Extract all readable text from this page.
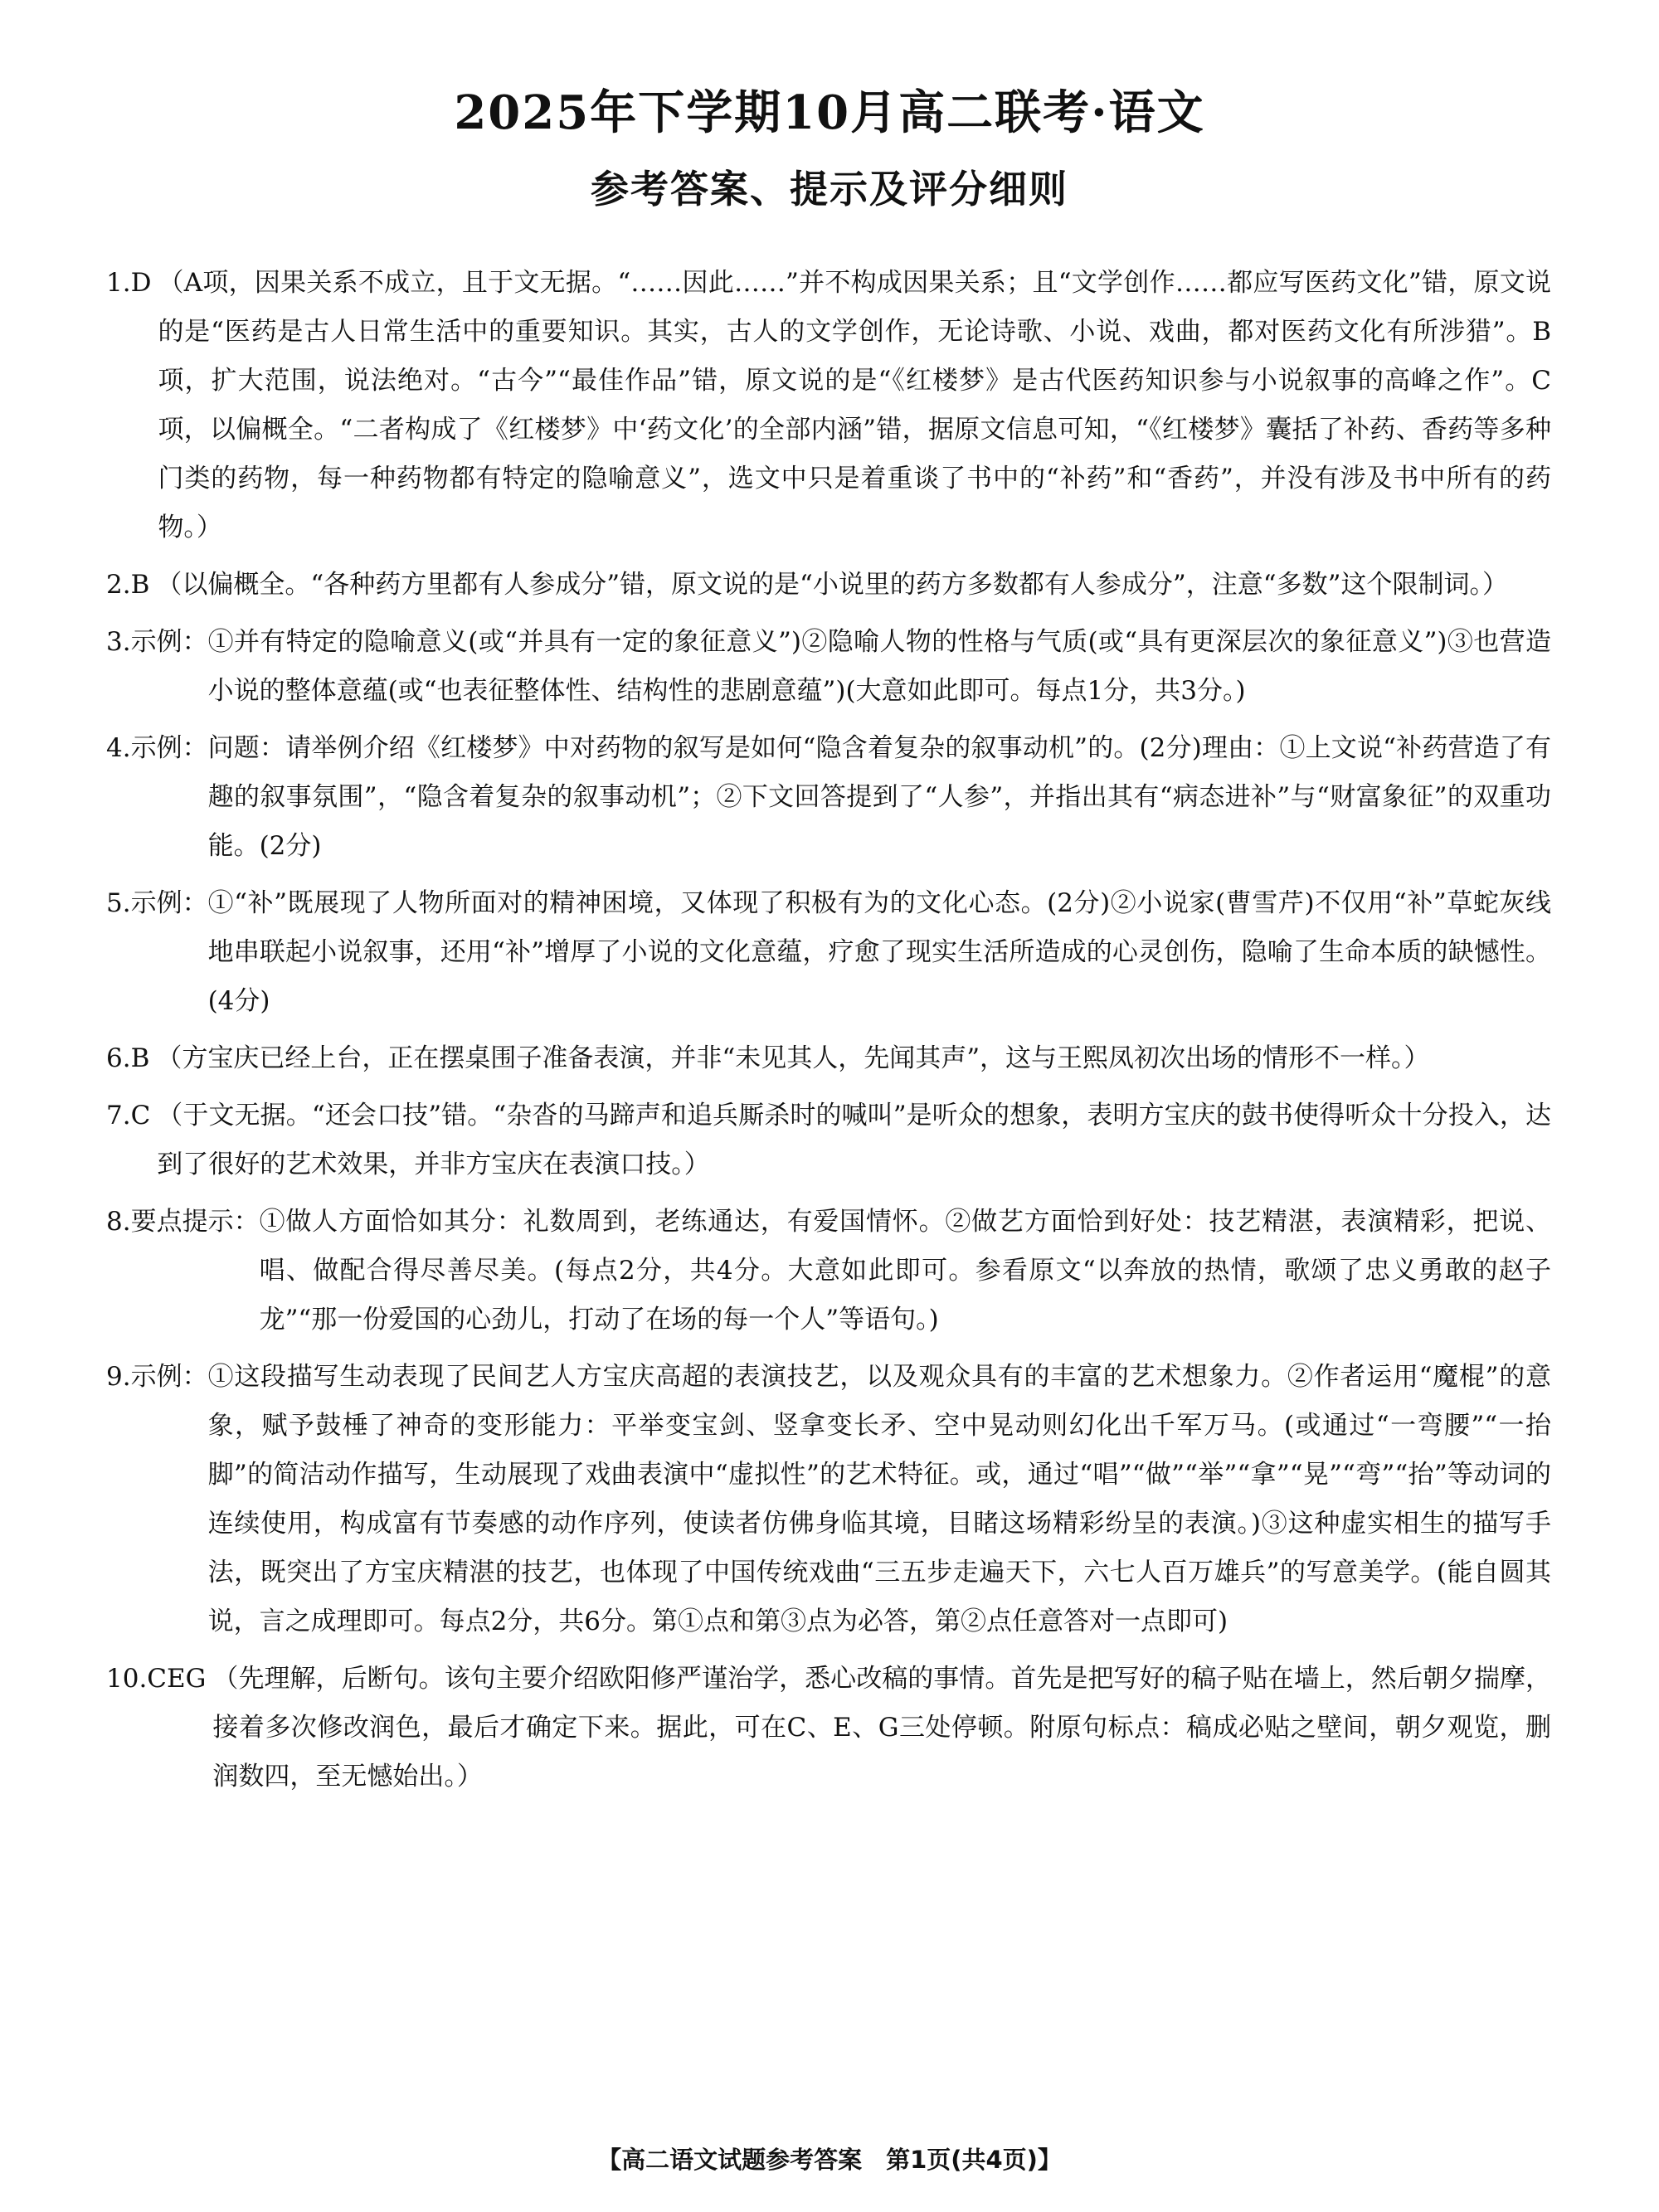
2025年下学期10月高二联考·语文
参考答案、提示及评分细则
1.D （A项，因果关系不成立，且于文无据。“……因此……”并不构成因果关系；且“文学创作……都应写医药文化”错，原文说的是“医药是古人日常生活中的重要知识。其实，古人的文学创作，无论诗歌、小说、戏曲，都对医药文化有所涉猎”。B项，扩大范围，说法绝对。“古今”“最佳作品”错，原文说的是“《红楼梦》是古代医药知识参与小说叙事的高峰之作”。C项，以偏概全。“二者构成了《红楼梦》中‘药文化’的全部内涵”错，据原文信息可知，“《红楼梦》囊括了补药、香药等多种门类的药物，每一种药物都有特定的隐喻意义”，选文中只是着重谈了书中的“补药”和“香药”，并没有涉及书中所有的药物。）
2.B （以偏概全。“各种药方里都有人参成分”错，原文说的是“小说里的药方多数都有人参成分”，注意“多数”这个限制词。）
3.示例： ①并有特定的隐喻意义(或“并具有一定的象征意义”)②隐喻人物的性格与气质(或“具有更深层次的象征意义”)③也营造小说的整体意蕴(或“也表征整体性、结构性的悲剧意蕴”)(大意如此即可。每点1分，共3分。)
4.示例： 问题：请举例介绍《红楼梦》中对药物的叙写是如何“隐含着复杂的叙事动机”的。(2分)理由：①上文说“补药营造了有趣的叙事氛围”，“隐含着复杂的叙事动机”；②下文回答提到了“人参”，并指出其有“病态进补”与“财富象征”的双重功能。(2分)
5.示例： ①“补”既展现了人物所面对的精神困境，又体现了积极有为的文化心态。(2分)②小说家(曹雪芹)不仅用“补”草蛇灰线地串联起小说叙事，还用“补”增厚了小说的文化意蕴，疗愈了现实生活所造成的心灵创伤，隐喻了生命本质的缺憾性。(4分)
6.B （方宝庆已经上台，正在摆桌围子准备表演，并非“未见其人，先闻其声”，这与王熙凤初次出场的情形不一样。）
7.C （于文无据。“还会口技”错。“杂沓的马蹄声和追兵厮杀时的喊叫”是听众的想象，表明方宝庆的鼓书使得听众十分投入，达到了很好的艺术效果，并非方宝庆在表演口技。）
8.要点提示： ①做人方面恰如其分：礼数周到，老练通达，有爱国情怀。②做艺方面恰到好处：技艺精湛，表演精彩，把说、唱、做配合得尽善尽美。(每点2分，共4分。大意如此即可。参看原文“以奔放的热情，歌颂了忠义勇敢的赵子龙”“那一份爱国的心劲儿，打动了在场的每一个人”等语句。)
9.示例： ①这段描写生动表现了民间艺人方宝庆高超的表演技艺，以及观众具有的丰富的艺术想象力。②作者运用“魔棍”的意象，赋予鼓棰了神奇的变形能力：平举变宝剑、竖拿变长矛、空中晃动则幻化出千军万马。(或通过“一弯腰”“一抬脚”的简洁动作描写，生动展现了戏曲表演中“虚拟性”的艺术特征。或，通过“唱”“做”“举”“拿”“晃”“弯”“抬”等动词的连续使用，构成富有节奏感的动作序列，使读者仿佛身临其境，目睹这场精彩纷呈的表演。)③这种虚实相生的描写手法，既突出了方宝庆精湛的技艺，也体现了中国传统戏曲“三五步走遍天下，六七人百万雄兵”的写意美学。(能自圆其说，言之成理即可。每点2分，共6分。第①点和第③点为必答，第②点任意答对一点即可)
10.CEG （先理解，后断句。该句主要介绍欧阳修严谨治学，悉心改稿的事情。首先是把写好的稿子贴在墙上，然后朝夕揣摩，接着多次修改润色，最后才确定下来。据此，可在C、E、G三处停顿。附原句标点：稿成必贴之壁间，朝夕观览，删润数四，至无憾始出。）
【高二语文试题参考答案　第1页(共4页)】
